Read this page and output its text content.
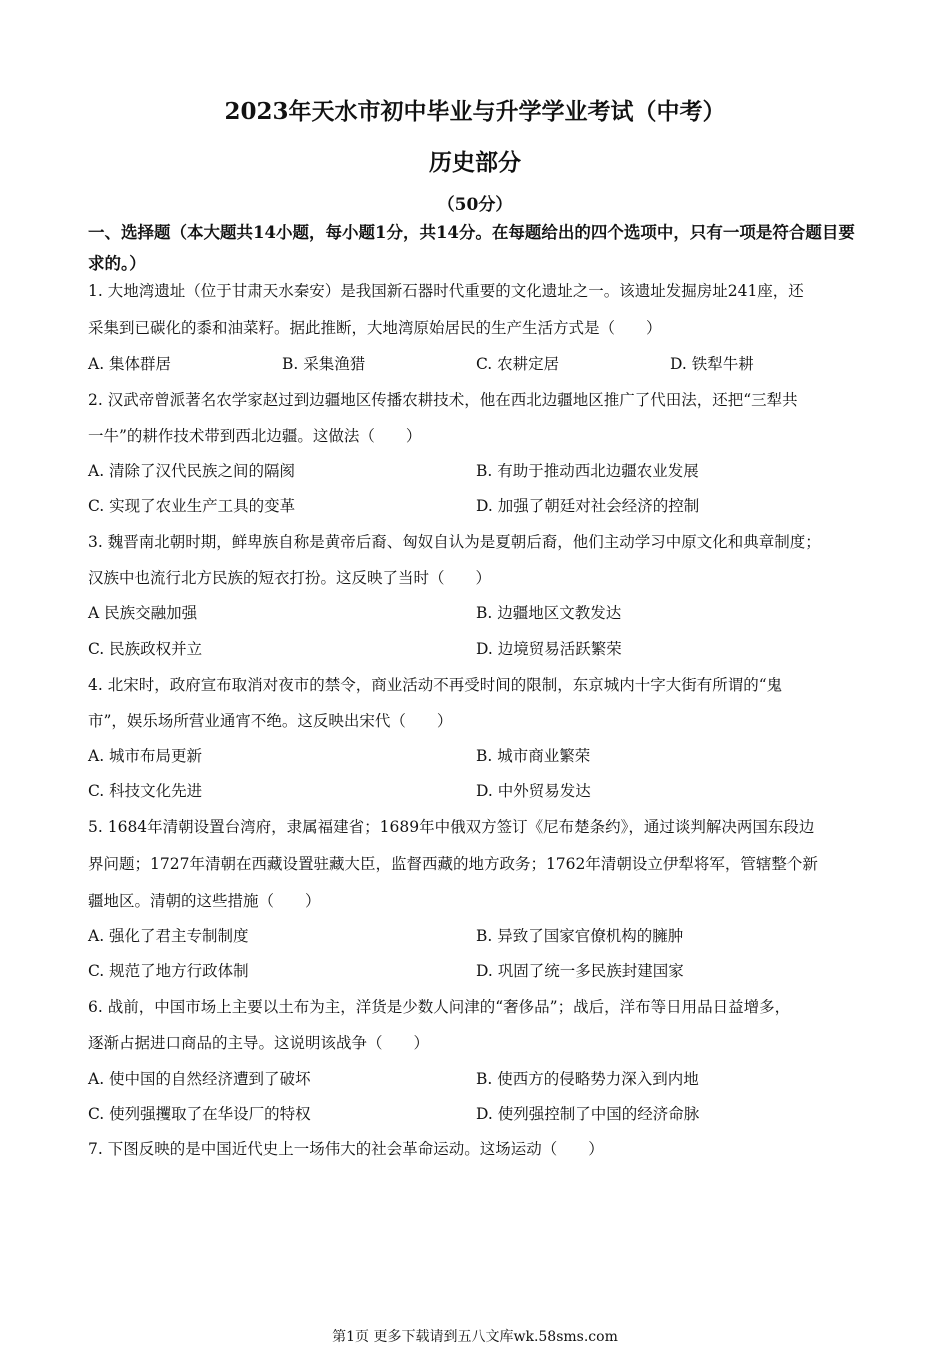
2023年天水市初中毕业与升学学业考试（中考）
历史部分
（50分）
一、选择题（本大题共14小题，每小题1分，共14分。在每题给出的四个选项中，只有一项是符合题目要求的。）
1. 大地湾遗址（位于甘肃天水秦安）是我国新石器时代重要的文化遗址之一。该遗址发掘房址241座，还
采集到已碳化的黍和油菜籽。据此推断，大地湾原始居民的生产生活方式是（　　）
A. 集体群居	B. 采集渔猎	C. 农耕定居	D. 铁犁牛耕
2. 汉武帝曾派著名农学家赵过到边疆地区传播农耕技术，他在西北边疆地区推广了代田法，还把“三犁共
一牛”的耕作技术带到西北边疆。这做法（　　）
A. 清除了汉代民族之间的隔阂	B. 有助于推动西北边疆农业发展
C. 实现了农业生产工具的变革	D. 加强了朝廷对社会经济的控制
3. 魏晋南北朝时期，鲜卑族自称是黄帝后裔、匈奴自认为是夏朝后裔，他们主动学习中原文化和典章制度；
汉族中也流行北方民族的短衣打扮。这反映了当时（　　）
A 民族交融加强	B. 边疆地区文教发达
C. 民族政权并立	D. 边境贸易活跃繁荣
4. 北宋时，政府宣布取消对夜市的禁令，商业活动不再受时间的限制，东京城内十字大街有所谓的“鬼
市”，娱乐场所营业通宵不绝。这反映出宋代（　　）
A. 城市布局更新	B. 城市商业繁荣
C. 科技文化先进	D. 中外贸易发达
5. 1684年清朝设置台湾府，隶属福建省；1689年中俄双方签订《尼布楚条约》，通过谈判解决两国东段边
界问题；1727年清朝在西藏设置驻藏大臣，监督西藏的地方政务；1762年清朝设立伊犁将军，管辖整个新
疆地区。清朝的这些措施（　　）
A. 强化了君主专制制度	B. 异致了国家官僚机构的臃肿
C. 规范了地方行政体制	D. 巩固了统一多民族封建国家
6. 战前，中国市场上主要以土布为主，洋货是少数人问津的“奢侈品”；战后，洋布等日用品日益增多，
逐渐占据进口商品的主导。这说明该战争（　　）
A. 使中国的自然经济遭到了破坏	B. 使西方的侵略势力深入到内地
C. 使列强攫取了在华设厂的特权	D. 使列强控制了中国的经济命脉
7. 下图反映的是中国近代史上一场伟大的社会革命运动。这场运动（　　）
第1页 更多下载请到五八文库wk.58sms.com
